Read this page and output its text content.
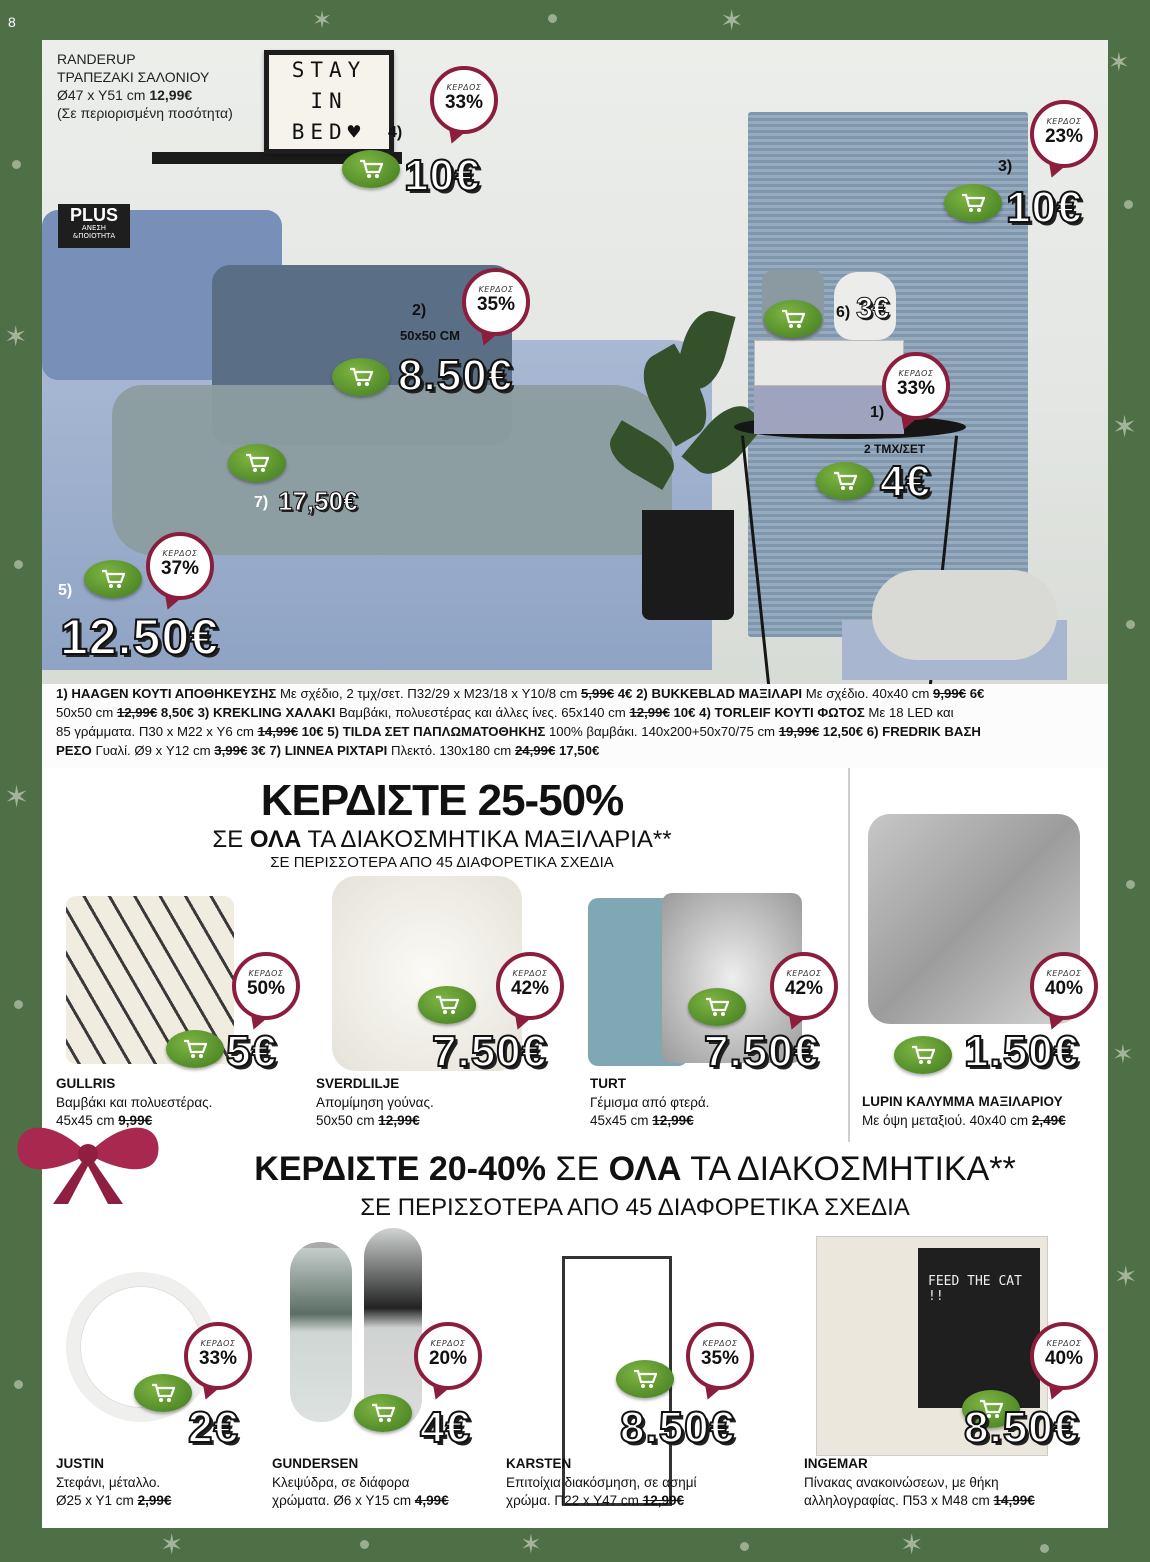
✶	✶
✶
✶
✶
✶
✶
✶
✶	✶	✶
8
STAY
IN
BED♥
RANDERUP
ΤΡΑΠΕΖΑΚΙ ΣΑΛΟΝΙΟΥ
Ø47 x Y51 cm 12,99€
(Σε περιορισμένη ποσότητα)
PLUS
ΑΝΕΣΗ
&ΠΟΙΟΤΗΤΑ
ΚΕΡΔΟΣ
33%
4)
10€
ΚΕΡΔΟΣ
23%
3)
10€
ΚΕΡΔΟΣ
35%
2)
50x50 CM
8.50€
6) 3€
ΚΕΡΔΟΣ
33%
1)
2 ΤΜΧ/ΣΕΤ
4€
7) 17,50€
ΚΕΡΔΟΣ
37%
5)
12.50€
1) HAAGEN ΚΟΥΤΙ ΑΠΟΘΗΚΕΥΣΗΣ Με σχέδιο, 2 τμχ/σετ. Π32/29 x Μ23/18 x Υ10/8 cm 5,99€ 4€ 2) BUKKEBLAD ΜΑΞΙΛΑΡΙ Με σχέδιο. 40x40 cm 9,99€ 6€
50x50 cm 12,99€ 8,50€ 3) KREKLING ΧΑΛΑΚΙ Βαμβάκι, πολυεστέρας και άλλες ίνες. 65x140 cm 12,99€ 10€ 4) TORLEIF ΚΟΥΤΙ ΦΩΤΟΣ Με 18 LED και
85 γράμματα. Π30 x Μ22 x Υ6 cm 14,99€ 10€ 5) TILDA ΣΕΤ ΠΑΠΛΩΜΑΤΟΘΗΚΗΣ 100% βαμβάκι. 140x200+50x70/75 cm 19,99€ 12,50€ 6) FREDRIK ΒΑΣΗ
ΡΕΣΟ Γυαλί. Ø9 x Υ12 cm 3,99€ 3€ 7) LINNEA ΡΙΧΤΑΡΙ Πλεκτό. 130x180 cm 24,99€ 17,50€
ΚΕΡΔΙΣΤΕ 25-50%
ΣΕ ΟΛΑ ΤΑ ΔΙΑΚΟΣΜΗΤΙΚΑ ΜΑΞΙΛΑΡΙΑ**
ΣΕ ΠΕΡΙΣΣΟΤΕΡΑ ΑΠΟ 45 ΔΙΑΦΟΡΕΤΙΚΑ ΣΧΕΔΙΑ
ΚΕΡΔΟΣ
50%
5€
GULLRIS
Βαμβάκι και πολυεστέρας.
45x45 cm 9,99€
ΚΕΡΔΟΣ
42%
7.50€
SVERDLILJE
Απομίμηση γούνας.
50x50 cm 12,99€
ΚΕΡΔΟΣ
42%
7.50€
TURT
Γέμισμα από φτερά.
45x45 cm 12,99€
ΚΕΡΔΟΣ
40%
1.50€
LUPIN ΚΑΛΥΜΜΑ ΜΑΞΙΛΑΡΙΟΥ
Με όψη μεταξιού. 40x40 cm 2,49€
ΚΕΡΔΙΣΤΕ 20-40% ΣΕ ΟΛΑ ΤΑ ΔΙΑΚΟΣΜΗΤΙΚΑ**
ΣΕ ΠΕΡΙΣΣΟΤΕΡΑ ΑΠΟ 45 ΔΙΑΦΟΡΕΤΙΚΑ ΣΧΕΔΙΑ
FEED THE CAT !!
ΚΕΡΔΟΣ
33%
2€
JUSTIN
Στεφάνι, μέταλλο.
Ø25 x Y1 cm 2,99€
ΚΕΡΔΟΣ
20%
4€
GUNDERSEN
Κλεψύδρα, σε διάφορα
χρώματα. Ø6 x Y15 cm 4,99€
ΚΕΡΔΟΣ
35%
8.50€
KARSTEN
Επιτοίχια διακόσμηση, σε ασημί
χρώμα. Π22 x Y47 cm 12,99€
ΚΕΡΔΟΣ
40%
8.50€
INGEMAR
Πίνακας ανακοινώσεων, με θήκη
αλληλογραφίας. Π53 x Μ48 cm 14,99€
